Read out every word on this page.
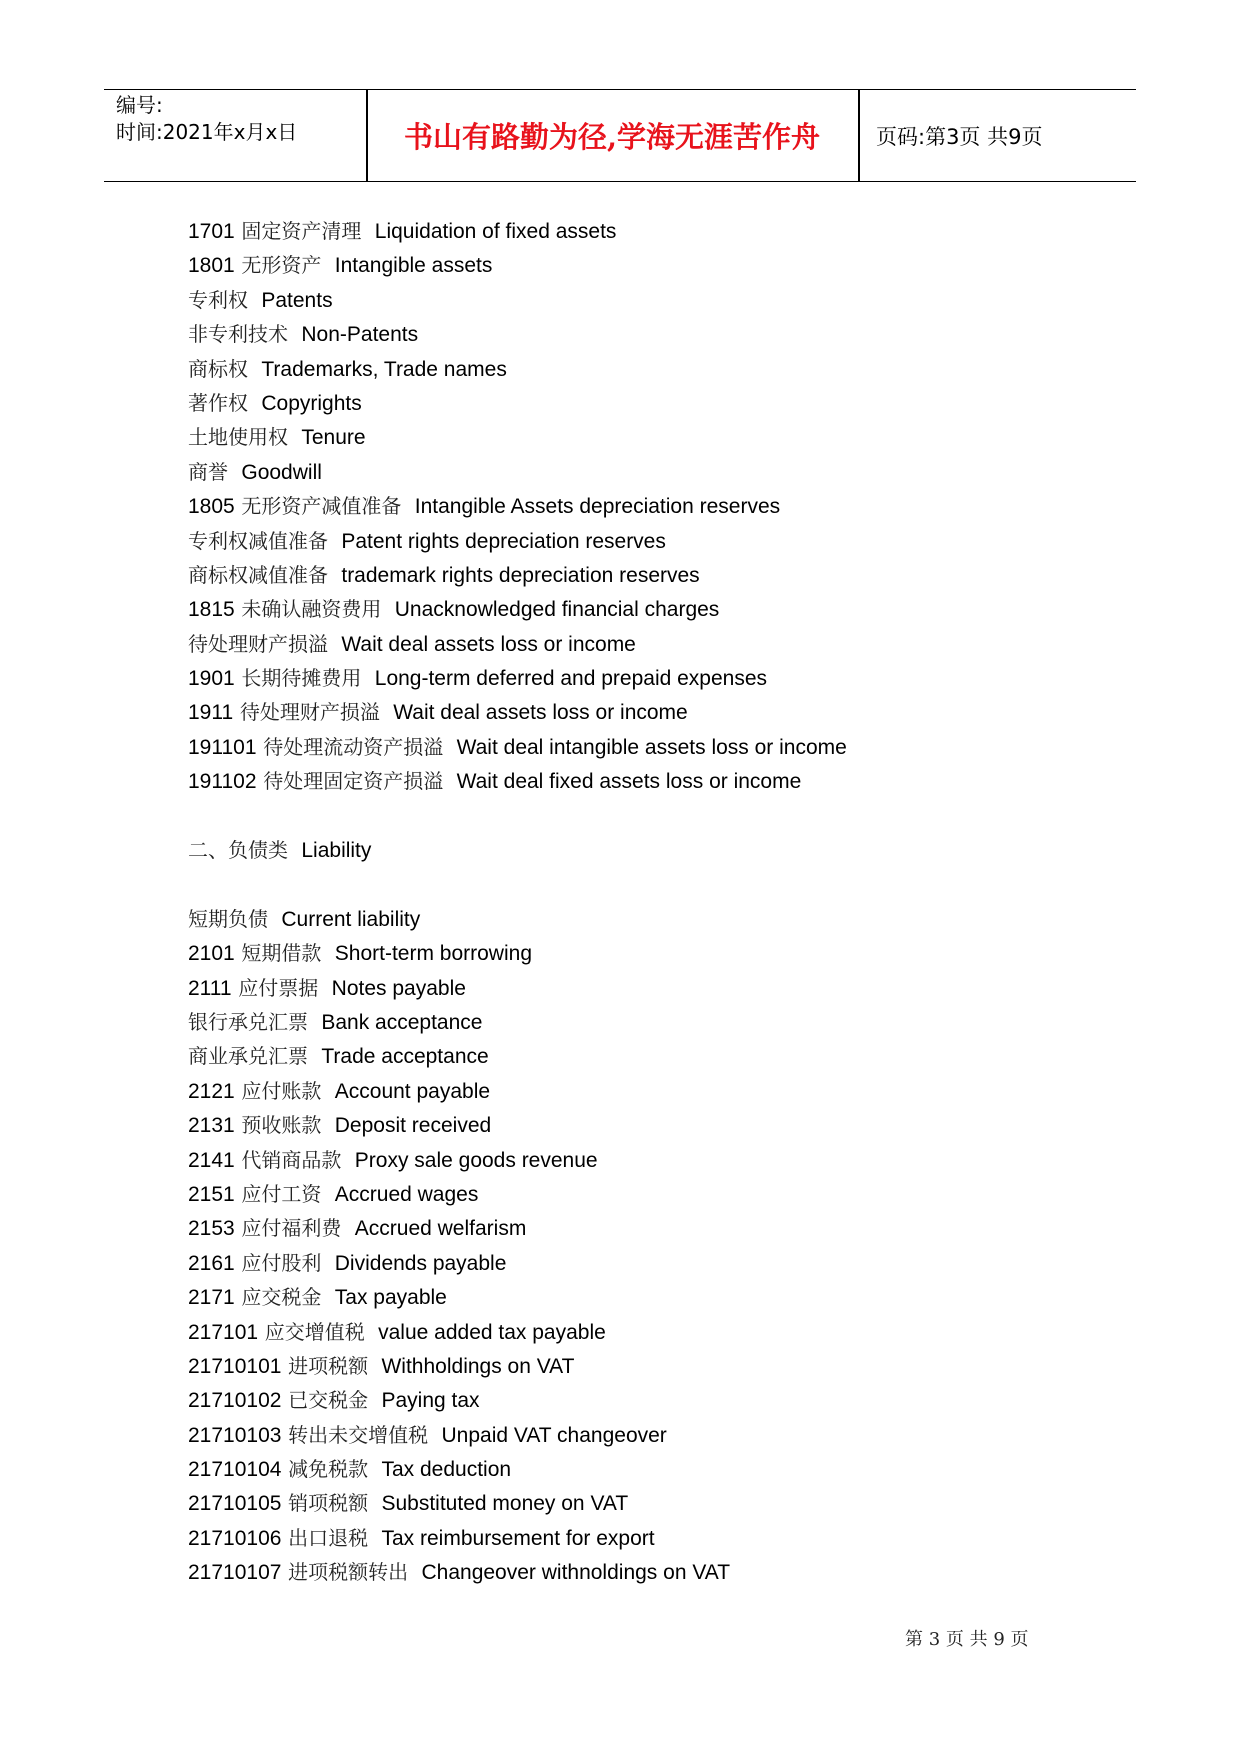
编号:
时间:2021年x月x日	书山有路勤为径,学海无涯苦作舟	页码:第3页 共9页
1701 固定资产清理 Liquidation of fixed assets
1801 无形资产 Intangible assets
专利权 Patents
非专利技术 Non-Patents
商标权 Trademarks, Trade names
著作权 Copyrights
土地使用权 Tenure
商誉 Goodwill
1805 无形资产减值准备 Intangible Assets depreciation reserves
专利权减值准备 Patent rights depreciation reserves
商标权减值准备 trademark rights depreciation reserves
1815 未确认融资费用 Unacknowledged financial charges
待处理财产损溢 Wait deal assets loss or income
1901 长期待摊费用 Long-term deferred and prepaid expenses
1911 待处理财产损溢 Wait deal assets loss or income
191101 待处理流动资产损溢 Wait deal intangible assets loss or income
191102 待处理固定资产损溢 Wait deal fixed assets loss or income
二、负债类 Liability
短期负债 Current liability
2101 短期借款 Short-term borrowing
2111 应付票据 Notes payable
银行承兑汇票 Bank acceptance
商业承兑汇票 Trade acceptance
2121 应付账款 Account payable
2131 预收账款 Deposit received
2141 代销商品款 Proxy sale goods revenue
2151 应付工资 Accrued wages
2153 应付福利费 Accrued welfarism
2161 应付股利 Dividends payable
2171 应交税金 Tax payable
217101 应交增值税 value added tax payable
21710101 进项税额 Withholdings on VAT
21710102 已交税金 Paying tax
21710103 转出未交增值税 Unpaid VAT changeover
21710104 减免税款 Tax deduction
21710105 销项税额 Substituted money on VAT
21710106 出口退税 Tax reimbursement for export
21710107 进项税额转出 Changeover withnoldings on VAT
第 3 页 共 9 页
